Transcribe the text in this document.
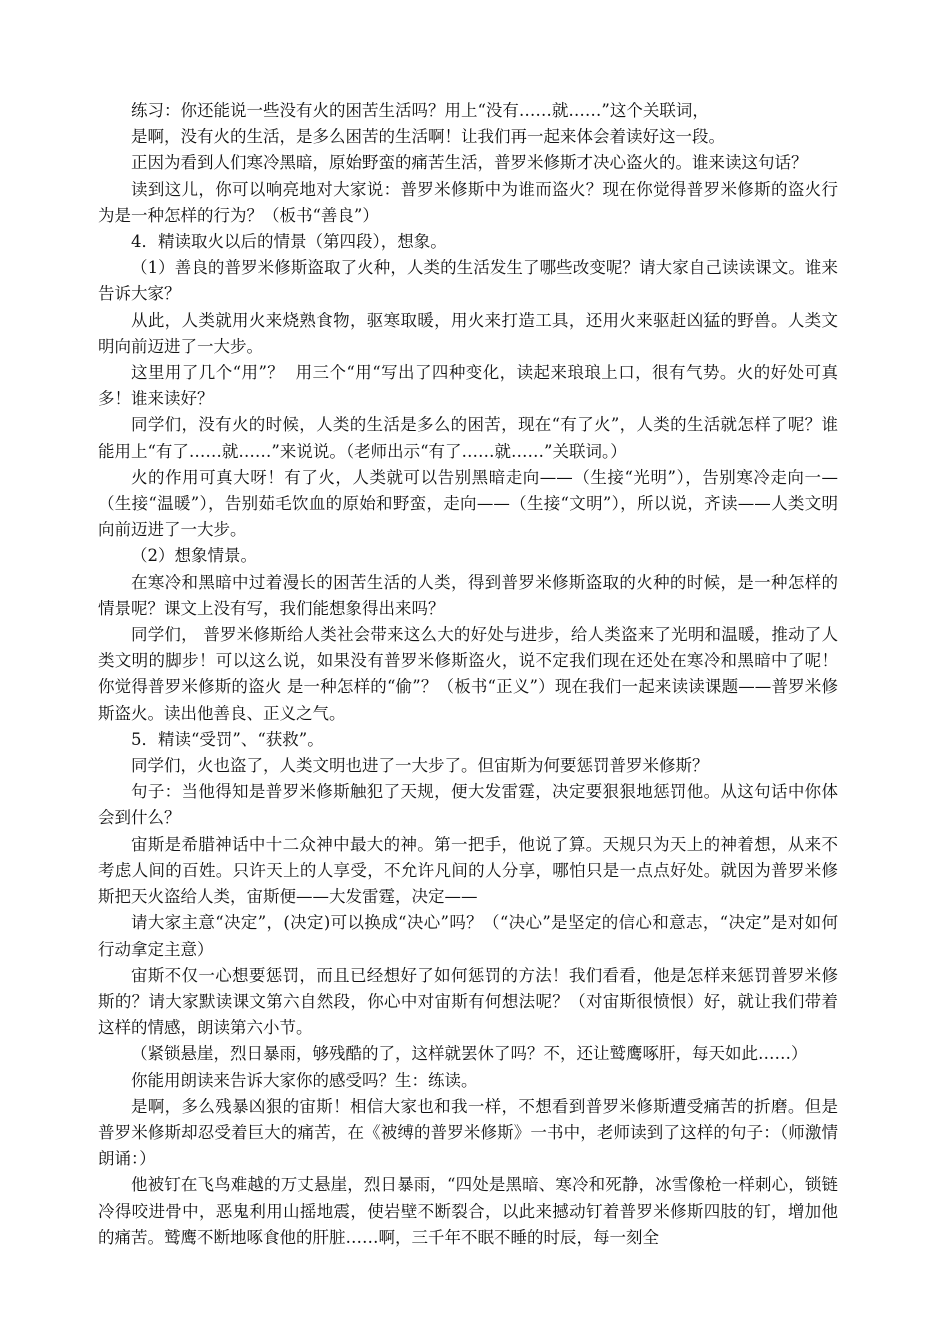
练习：你还能说一些没有火的困苦生活吗？用上“没有……就……”这个关联词，

是啊，没有火的生活，是多么困苦的生活啊！让我们再一起来体会着读好这一段。

正因为看到人们寒冷黑暗，原始野蛮的痛苦生活，普罗米修斯才决心盗火的。谁来读这句话？

读到这儿，你可以响亮地对大家说：普罗米修斯中为谁而盗火？现在你觉得普罗米修斯的盗火行为是一种怎样的行为？（板书“善良”）

4．精读取火以后的情景（第四段），想象。

（1）善良的普罗米修斯盗取了火种，人类的生活发生了哪些改变呢？请大家自己读读课文。谁来告诉大家？

从此，人类就用火来烧熟食物，驱寒取暖，用火来打造工具，还用火来驱赶凶猛的野兽。人类文明向前迈进了一大步。

这里用了几个“用”？  用三个“用“写出了四种变化，读起来琅琅上口，很有气势。火的好处可真多！谁来读好？

同学们，没有火的时候，人类的生活是多么的困苦，现在“有了火”，人类的生活就怎样了呢？谁能用上“有了……就……”来说说。（老师出示“有了……就……”关联词。）

火的作用可真大呀！有了火，人类就可以告别黑暗走向——（生接“光明”），告别寒冷走向一—（生接“温暖”），告别茹毛饮血的原始和野蛮，走向——（生接“文明”），所以说，齐读——人类文明向前迈进了一大步。

（2）想象情景。

在寒冷和黑暗中过着漫长的困苦生活的人类，得到普罗米修斯盗取的火种的时候，是一种怎样的情景呢？课文上没有写，我们能想象得出来吗？

同学们， 普罗米修斯给人类社会带来这么大的好处与进步，给人类盗来了光明和温暖，推动了人类文明的脚步！可以这么说，如果没有普罗米修斯盗火，说不定我们现在还处在寒冷和黑暗中了呢！你觉得普罗米修斯的盗火 是一种怎样的“偷”？（板书“正义”）现在我们一起来读读课题——普罗米修斯盗火。读出他善良、正义之气。

5．精读“受罚”、“获救”。

同学们，火也盗了，人类文明也进了一大步了。但宙斯为何要惩罚普罗米修斯？

句子：当他得知是普罗米修斯触犯了天规，便大发雷霆，决定要狠狠地惩罚他。从这句话中你体会到什么？

宙斯是希腊神话中十二众神中最大的神。第一把手，他说了算。天规只为天上的神着想，从来不考虑人间的百姓。只许天上的人享受，不允许凡间的人分享，哪怕只是一点点好处。就因为普罗米修斯把天火盗给人类，宙斯便——大发雷霆，决定——

请大家主意“决定”，(决定)可以换成“决心”吗？（“决心”是坚定的信心和意志，“决定”是对如何行动拿定主意）

宙斯不仅一心想要惩罚，而且已经想好了如何惩罚的方法！我们看看，他是怎样来惩罚普罗米修斯的？请大家默读课文第六自然段，你心中对宙斯有何想法呢？（对宙斯很愤恨）好，就让我们带着这样的情感，朗读第六小节。

（紧锁悬崖，烈日暴雨，够残酷的了，这样就罢休了吗？不，还让鹫鹰啄肝，每天如此……）

你能用朗读来告诉大家你的感受吗？生：练读。

是啊，多么残暴凶狠的宙斯！相信大家也和我一样，不想看到普罗米修斯遭受痛苦的折磨。但是普罗米修斯却忍受着巨大的痛苦，在《被缚的普罗米修斯》一书中，老师读到了这样的句子：（师激情朗诵：）

他被钉在飞鸟难越的万丈悬崖，烈日暴雨，“四处是黑暗、寒冷和死静，冰雪像枪一样刺心，锁链冷得咬进骨中，恶鬼利用山摇地震，使岩壁不断裂合，以此来撼动钉着普罗米修斯四肢的钉，增加他的痛苦。鹫鹰不断地啄食他的肝脏……啊，三千年不眠不睡的时辰，每一刻全
